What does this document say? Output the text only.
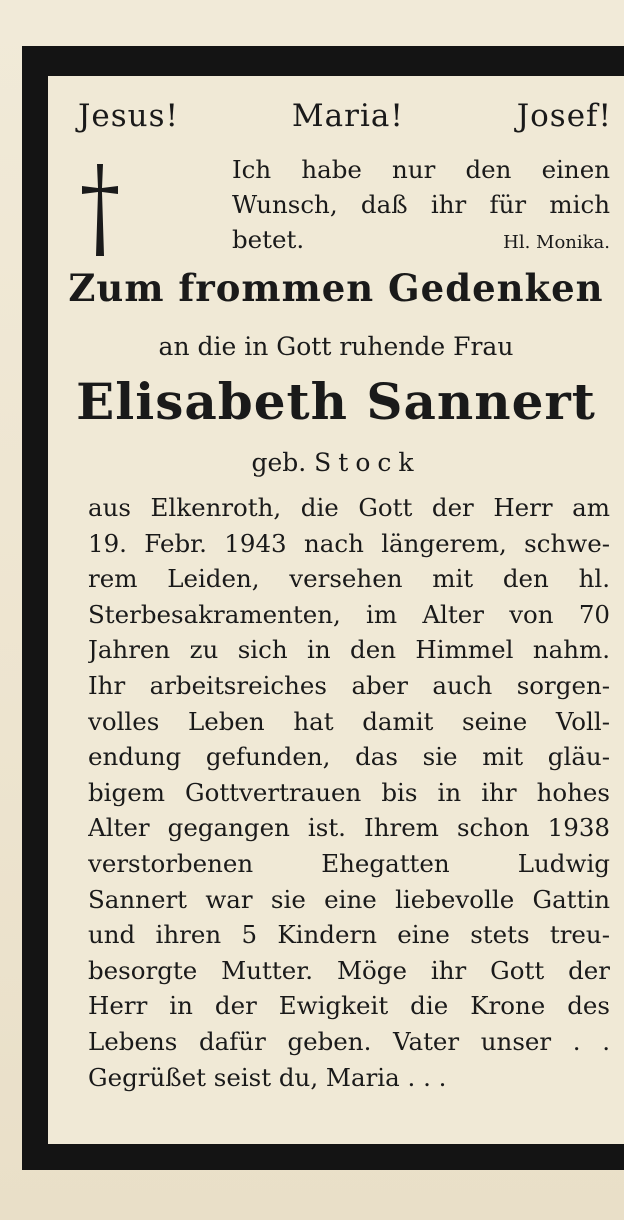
Jesus!	Maria!	Josef!
Ich habe nur den einen
Wunsch, daß ihr für mich
betet.	Hl. Monika.
Zum frommen Gedenken
an die in Gott ruhende Frau
Elisabeth Sannert
geb. Stock
aus Elkenroth, die Gott der Herr am
19. Febr. 1943 nach längerem, schwe-
rem Leiden, versehen mit den hl.
Sterbesakramenten, im Alter von 70
Jahren zu sich in den Himmel nahm.
Ihr arbeitsreiches aber auch sorgen-
volles Leben hat damit seine Voll-
endung gefunden, das sie mit gläu-
bigem Gottvertrauen bis in ihr hohes
Alter gegangen ist. Ihrem schon 1938
verstorbenen Ehegatten Ludwig
Sannert war sie eine liebevolle Gattin
und ihren 5 Kindern eine stets treu-
besorgte Mutter. Möge ihr Gott der
Herr in der Ewigkeit die Krone des
Lebens dafür geben. Vater unser . .
Gegrüßet seist du, Maria . . .
